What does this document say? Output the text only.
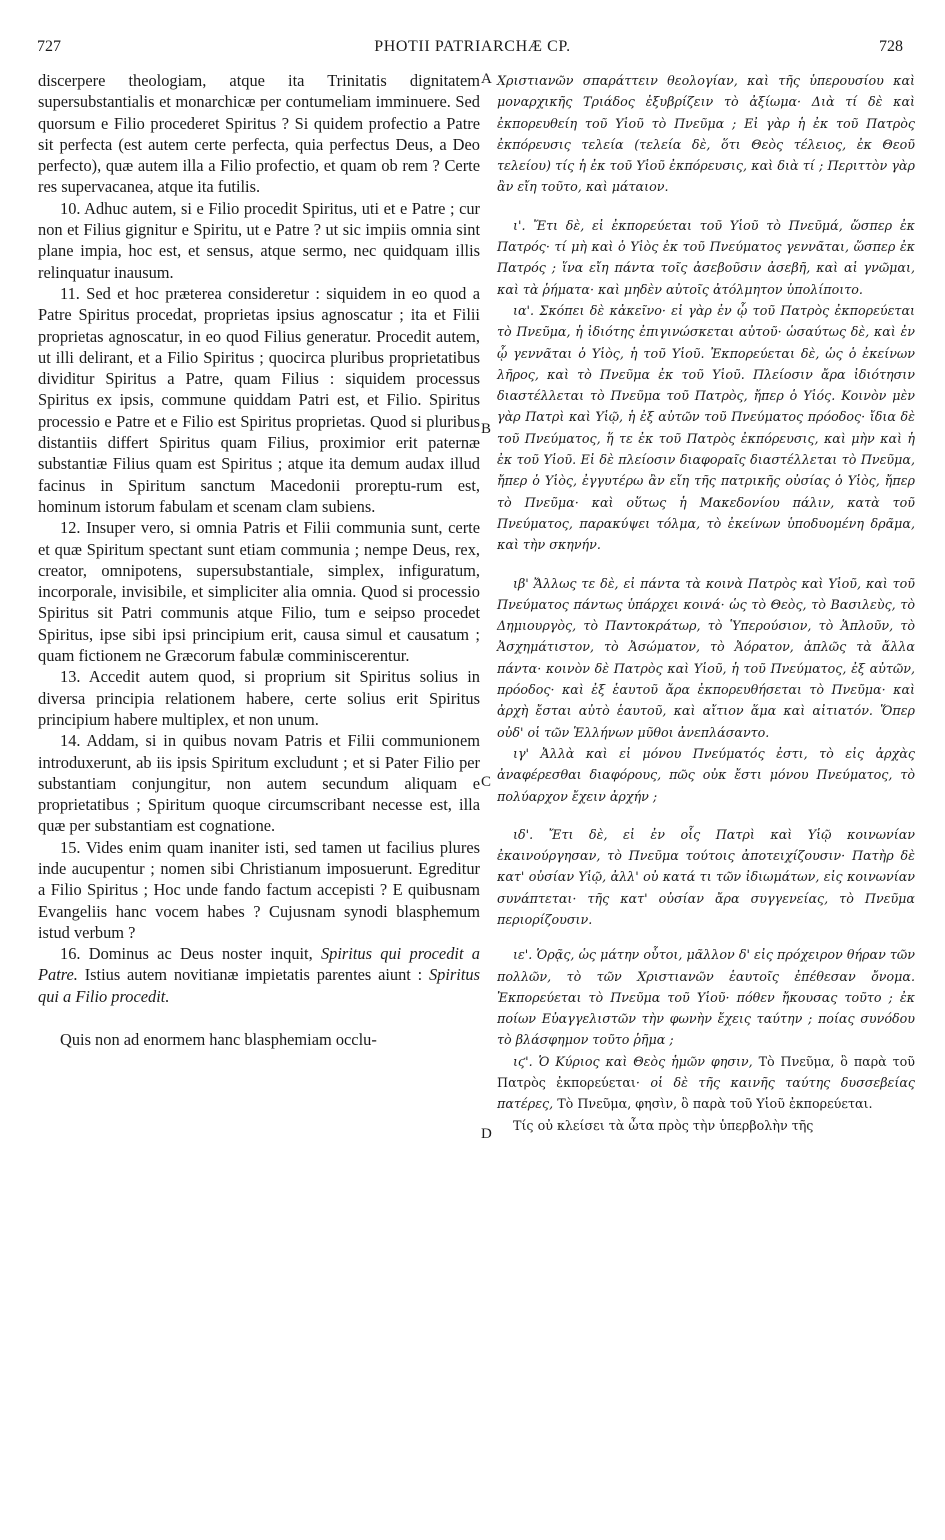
727	PHOTII PATRIARCHÆ CP.	728

discerpere theologiam, atque ita Trinitatis dignitatem supersubstantialis et monarchicæ per contumeliam imminuere. Sed quorsum e Filio procederet Spiritus ? Si quidem profectio a Patre sit perfecta (est autem certe perfecta, quia perfectus Deus, a Deo perfecto), quæ autem illa a Filio profectio, et quam ob rem ? Certe res supervacanea, atque ita futilis.

10. Adhuc autem, si e Filio procedit Spiritus, uti et e Patre ; cur non et Filius gignitur e Spiritu, ut e Patre ? ut sic impiis omnia sint plane impia, hoc est, et sensus, atque sermo, nec quidquam illis relinquatur inausum.

11. Sed et hoc præterea consideretur : siquidem in eo quod a Patre Spiritus procedat, proprietas ipsius agnoscatur ; ita et Filii proprietas agnoscatur, in eo quod Filius generatur. Procedit autem, ut illi delirant, et a Filio Spiritus ; quocirca pluribus proprietatibus dividitur Spiritus a Patre, quam Filius : siquidem processus Spiritus ex ipsis, commune quiddam Patri est, et Filio. Spiritus processio e Patre et e Filio est Spiritus proprietas. Quod si pluribus distantiis differt Spiritus quam Filius, proximior erit paternæ substantiæ Filius quam est Spiritus ; atque ita demum audax illud facinus in Spiritum sanctum Macedonii proreptu-rum est, hominum istorum fabulam et scenam clam subiens.

12. Insuper vero, si omnia Patris et Filii communia sunt, certe et quæ Spiritum spectant sunt etiam communia ; nempe Deus, rex, creator, omnipotens, supersubstantiale, simplex, infiguratum, incorporale, invisibile, et simpliciter alia omnia. Quod si processio Spiritus sit Patri communis atque Filio, tum e seipso procedet Spiritus, ipse sibi ipsi principium erit, causa simul et causatum ; quam fictionem ne Græcorum fabulæ comminiscerentur.

13. Accedit autem quod, si proprium sit Spiritus solius in diversa principia relationem habere, certe solius erit Spiritus principium habere multiplex, et non unum.

14. Addam, si in quibus novam Patris et Filii communionem introduxerunt, ab iis ipsis Spiritum excludunt ; et si Pater Filio per substantiam conjungitur, non autem secundum aliquam e proprietatibus ; Spiritum quoque circumscribant necesse est, illa quæ per substantiam est cognatione.

15. Vides enim quam inaniter isti, sed tamen ut facilius plures inde aucupentur ; nomen sibi Christianum imposuerunt. Egreditur a Filio Spiritus ; Hoc unde fando factum accepisti ? E quibusnam Evangeliis hanc vocem habes ? Cujusnam synodi blasphemum istud verbum ?

16. Dominus ac Deus noster inquit, Spiritus qui procedit a Patre. Istius autem novitianæ impietatis parentes aiunt : Spiritus qui a Filio procedit.

Quis non ad enormem hanc blasphemiam occlu-

Χριστιανῶν σπαράττειν θεολογίαν, καὶ τῆς ὑπερουσίου καὶ μοναρχικῆς Τριάδος ἐξυβρίζειν τὸ ἀξίωμα· Διὰ τί δὲ καὶ ἐκπορευθείη τοῦ Υἱοῦ τὸ Πνεῦμα ; Εἰ γὰρ ἡ ἐκ τοῦ Πατρὸς ἐκπόρευσις τελεία (τελεία δὲ, ὅτι Θεὸς τέλειος, ἐκ Θεοῦ τελείου) τίς ἡ ἐκ τοῦ Υἱοῦ ἐκπόρευσις, καὶ διὰ τί ; Περιττὸν γὰρ ἂν εἴη τοῦτο, καὶ μάταιον.

ι'. Ἔτι δὲ, εἰ ἐκπορεύεται τοῦ Υἱοῦ τὸ Πνεῦμά, ὥσπερ ἐκ Πατρός· τί μὴ καὶ ὁ Υἱὸς ἐκ τοῦ Πνεύματος γεννᾶται, ὥσπερ ἐκ Πατρός ; ἵνα εἴη πάντα τοῖς ἀσεβοῦσιν ἀσεβῆ, καὶ αἱ γνῶμαι, καὶ τὰ ῥήματα· καὶ μηδὲν αὐτοῖς ἀτόλμητον ὑπολίποιτο.

ια'. Σκόπει δὲ κἀκεῖνο· εἰ γὰρ ἐν ᾧ τοῦ Πατρὸς ἐκπορεύεται τὸ Πνεῦμα, ἡ ἰδιότης ἐπιγινώσκεται αὐτοῦ· ὡσαύτως δὲ, καὶ ἐν ᾧ γεννᾶται ὁ Υἱὸς, ἡ τοῦ Υἱοῦ. Ἐκπορεύεται δὲ, ὡς ὁ ἐκείνων λῆρος, καὶ τὸ Πνεῦμα ἐκ τοῦ Υἱοῦ. Πλείοσιν ἄρα ἰδιότησιν διαστέλλεται τὸ Πνεῦμα τοῦ Πατρὸς, ἤπερ ὁ Υἱός. Κοινὸν μὲν γὰρ Πατρὶ καὶ Υἱῷ, ἡ ἐξ αὐτῶν τοῦ Πνεύματος πρόοδος· ἴδια δὲ τοῦ Πνεύματος, ἥ τε ἐκ τοῦ Πατρὸς ἐκπόρευσις, καὶ μὴν καὶ ἡ ἐκ τοῦ Υἱοῦ. Εἰ δὲ πλείοσιν διαφοραῖς διαστέλλεται τὸ Πνεῦμα, ἤπερ ὁ Υἱὸς, ἐγγυτέρω ἂν εἴη τῆς πατρικῆς οὐσίας ὁ Υἱὸς, ἤπερ τὸ Πνεῦμα· καὶ οὕτως ἡ Μακεδονίου πάλιν, κατὰ τοῦ Πνεύματος, παρακύψει τόλμα, τὸ ἐκείνων ὑποδυομένη δρᾶμα, καὶ τὴν σκηνήν.

ιβ' Ἄλλως τε δὲ, εἰ πάντα τὰ κοινὰ Πατρὸς καὶ Υἱοῦ, καὶ τοῦ Πνεύματος πάντως ὑπάρχει κοινά· ὡς τὸ Θεὸς, τὸ Βασιλεὺς, τὸ Δημιουργὸς, τὸ Παντοκράτωρ, τὸ Ὑπερούσιον, τὸ Ἁπλοῦν, τὸ Ἀσχημάτιστον, τὸ Ἀσώματον, τὸ Ἀόρατον, ἁπλῶς τὰ ἄλλα πάντα· κοινὸν δὲ Πατρὸς καὶ Υἱοῦ, ἡ τοῦ Πνεύματος, ἐξ αὐτῶν, πρόοδος· καὶ ἐξ ἑαυτοῦ ἄρα ἐκπορευθήσεται τὸ Πνεῦμα· καὶ ἀρχὴ ἔσται αὐτὸ ἑαυτοῦ, καὶ αἴτιον ἅμα καὶ αἰτιατόν. Ὅπερ οὐδ' οἱ τῶν Ἑλλήνων μῦθοι ἀνεπλάσαντο.

ιγ' Ἀλλὰ καὶ εἰ μόνου Πνεύματός ἐστι, τὸ εἰς ἀρχὰς ἀναφέρεσθαι διαφόρους, πῶς οὐκ ἔστι μόνου Πνεύματος, τὸ πολύαρχον ἔχειν ἀρχήν ;

ιδ'. Ἔτι δὲ, εἰ ἐν οἷς Πατρὶ καὶ Υἱῷ κοινωνίαν ἐκαινούργησαν, τὸ Πνεῦμα τούτοις ἀποτειχίζουσιν· Πατὴρ δὲ κατ' οὐσίαν Υἱῷ, ἀλλ' οὐ κατά τι τῶν ἰδιωμάτων, εἰς κοινωνίαν συνάπτεται· τῆς κατ' οὐσίαν ἄρα συγγενείας, τὸ Πνεῦμα περιορίζουσιν.

ιε'. Ὁρᾷς, ὡς μάτην οὗτοι, μᾶλλον δ' εἰς πρόχειρον θήραν τῶν πολλῶν, τὸ τῶν Χριστιανῶν ἑαυτοῖς ἐπέθεσαν ὄνομα. Ἐκπορεύεται τὸ Πνεῦμα τοῦ Υἱοῦ· πόθεν ἤκουσας τοῦτο ; ἐκ ποίων Εὐαγγελιστῶν τὴν φωνὴν ἔχεις ταύτην ; ποίας συνόδου τὸ βλάσφημον τοῦτο ῥῆμα ;

ιϛ'. Ὁ Κύριος καὶ Θεὸς ἡμῶν φησιν, Τὸ Πνεῦμα, ὃ παρὰ τοῦ Πατρὸς ἐκπορεύεται· οἱ δὲ τῆς καινῆς ταύτης δυσσεβείας πατέρες, Τὸ Πνεῦμα, φησὶν, ὃ παρὰ τοῦ Υἱοῦ ἐκπορεύεται.

Τίς οὐ κλείσει τὰ ὦτα πρὸς τὴν ὑπερβολὴν τῆς

A
B
C
D
